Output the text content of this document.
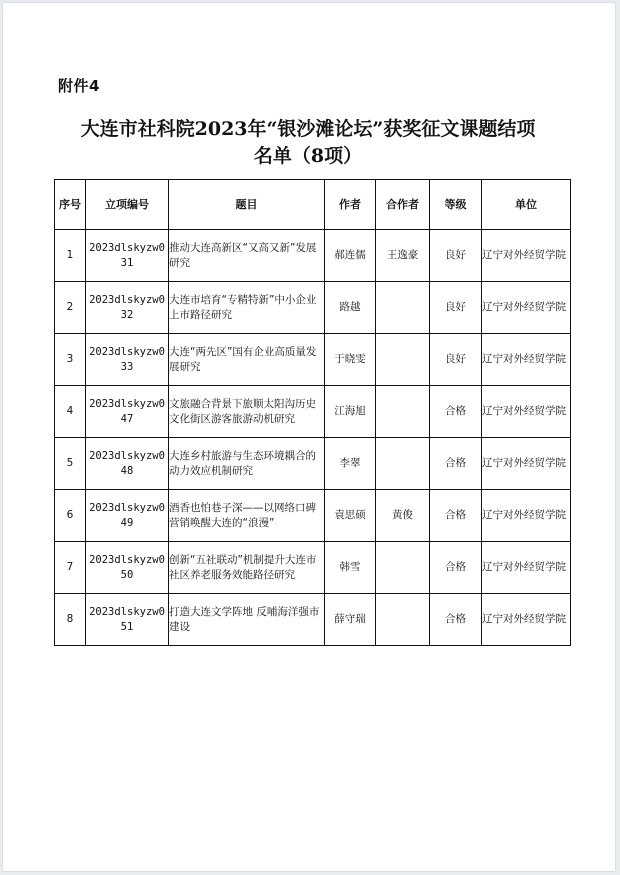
附件4
大连市社科院2023年“银沙滩论坛”获奖征文课题结项
名单（8项）
序号	立项编号	题目	作者	合作者	等级	单位
1	2023dlskyzw031	推动大连高新区“又高又新”发展研究	郝连儒	王逸豪	良好	辽宁对外经贸学院
2	2023dlskyzw032	大连市培育“专精特新”中小企业上市路径研究	路越		良好	辽宁对外经贸学院
3	2023dlskyzw033	大连“两先区”国有企业高质量发展研究	于晓雯		良好	辽宁对外经贸学院
4	2023dlskyzw047	文旅融合背景下旅顺太阳沟历史文化街区游客旅游动机研究	江海旭		合格	辽宁对外经贸学院
5	2023dlskyzw048	大连乡村旅游与生态环境耦合的动力效应机制研究	李翠		合格	辽宁对外经贸学院
6	2023dlskyzw049	酒香也怕巷子深——以网络口碑营销唤醒大连的“浪漫”	袁思硕	黄俊	合格	辽宁对外经贸学院
7	2023dlskyzw050	创新“五社联动”机制提升大连市社区养老服务效能路径研究	韩雪		合格	辽宁对外经贸学院
8	2023dlskyzw051	打造大连文学阵地 反哺海洋强市建设	薛守瑞		合格	辽宁对外经贸学院
